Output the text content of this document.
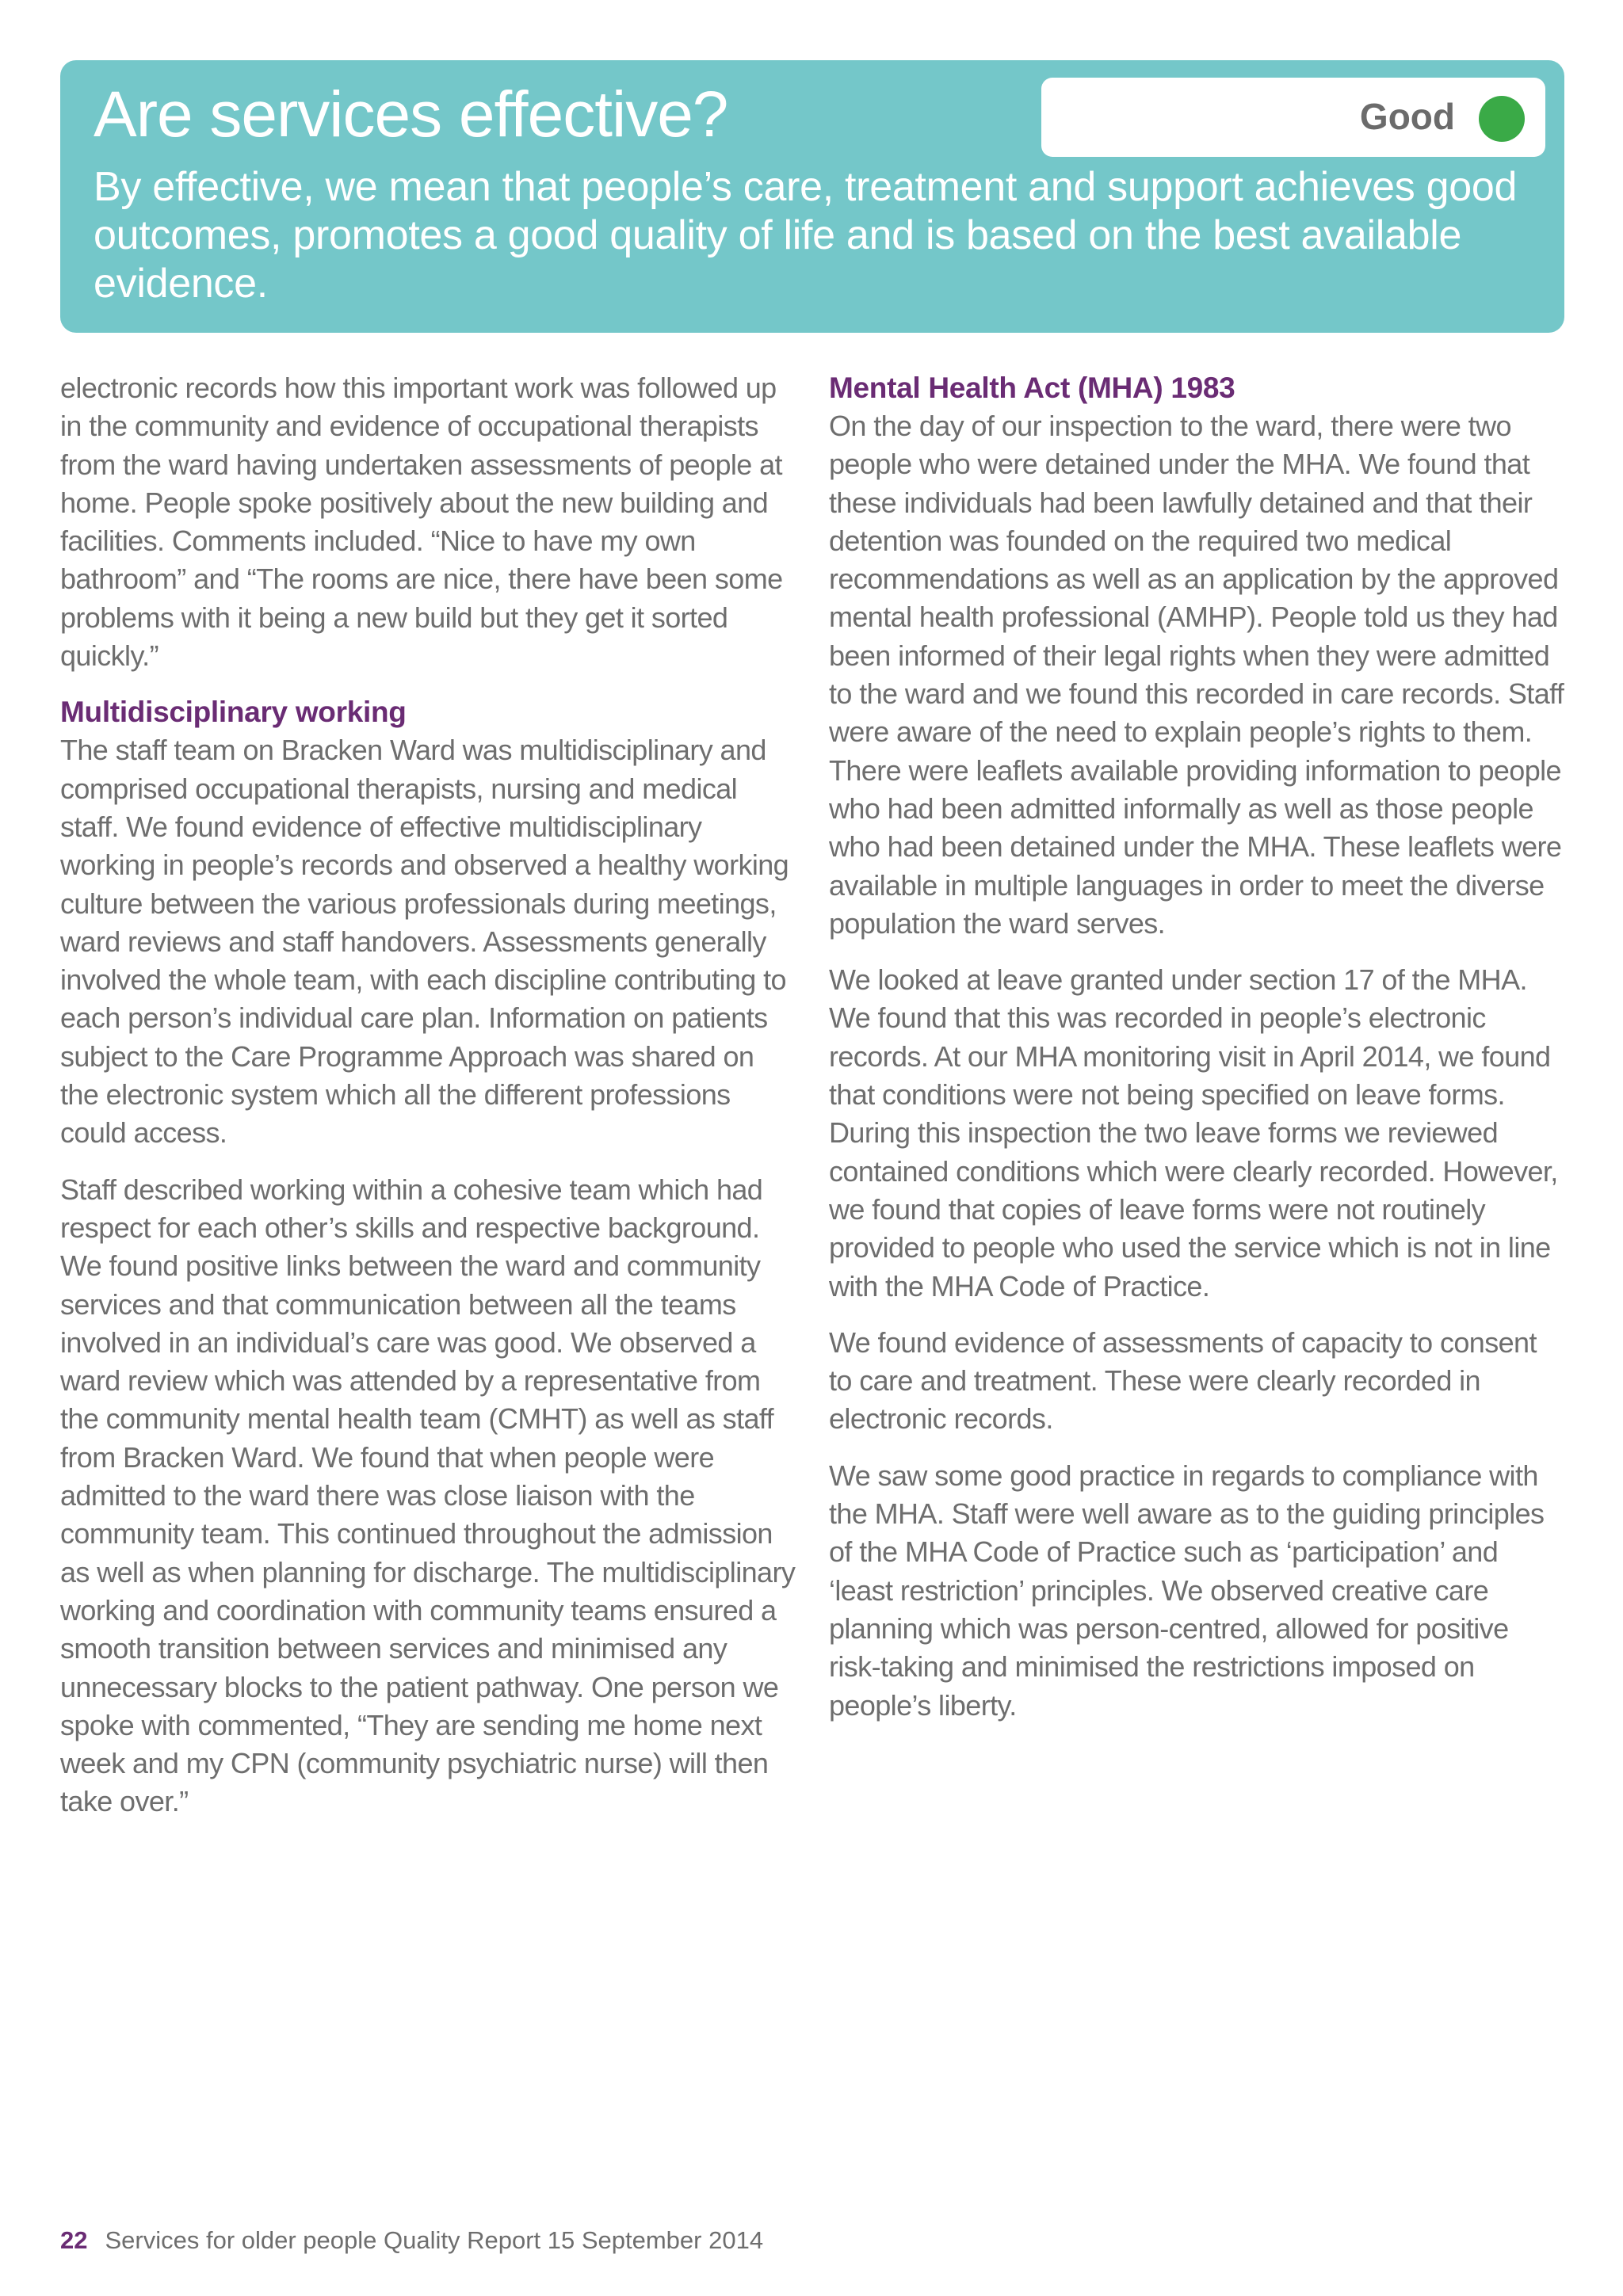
Are services effective?	Good

By effective, we mean that people’s care, treatment and support achieves good outcomes, promotes a good quality of life and is based on the best available evidence.

electronic records how this important work was followed up in the community and evidence of occupational therapists from the ward having undertaken assessments of people at home. People spoke positively about the new building and facilities. Comments included. “Nice to have my own bathroom” and “The rooms are nice, there have been some problems with it being a new build but they get it sorted quickly.”

Multidisciplinary working

The staff team on Bracken Ward was multidisciplinary and comprised occupational therapists, nursing and medical staff. We found evidence of effective multidisciplinary working in people’s records and observed a healthy working culture between the various professionals during meetings, ward reviews and staff handovers. Assessments generally involved the whole team, with each discipline contributing to each person’s individual care plan. Information on patients subject to the Care Programme Approach was shared on the electronic system which all the different professions could access.

Staff described working within a cohesive team which had respect for each other’s skills and respective background. We found positive links between the ward and community services and that communication between all the teams involved in an individual’s care was good. We observed a ward review which was attended by a representative from the community mental health team (CMHT) as well as staff from Bracken Ward. We found that when people were admitted to the ward there was close liaison with the community team. This continued throughout the admission as well as when planning for discharge. The multidisciplinary working and coordination with community teams ensured a smooth transition between services and minimised any unnecessary blocks to the patient pathway. One person we spoke with commented, “They are sending me home next week and my CPN (community psychiatric nurse) will then take over.”

Mental Health Act (MHA) 1983

On the day of our inspection to the ward, there were two people who were detained under the MHA. We found that these individuals had been lawfully detained and that their detention was founded on the required two medical recommendations as well as an application by the approved mental health professional (AMHP). People told us they had been informed of their legal rights when they were admitted to the ward and we found this recorded in care records. Staff were aware of the need to explain people’s rights to them. There were leaflets available providing information to people who had been admitted informally as well as those people who had been detained under the MHA. These leaflets were available in multiple languages in order to meet the diverse population the ward serves.

We looked at leave granted under section 17 of the MHA. We found that this was recorded in people’s electronic records. At our MHA monitoring visit in April 2014, we found that conditions were not being specified on leave forms. During this inspection the two leave forms we reviewed contained conditions which were clearly recorded. However, we found that copies of leave forms were not routinely provided to people who used the service which is not in line with the MHA Code of Practice.

We found evidence of assessments of capacity to consent to care and treatment. These were clearly recorded in electronic records.

We saw some good practice in regards to compliance with the MHA. Staff were well aware as to the guiding principles of the MHA Code of Practice such as ‘participation’ and ‘least restriction’ principles. We observed creative care planning which was person-centred, allowed for positive risk-taking and minimised the restrictions imposed on people’s liberty.

22 Services for older people Quality Report 15 September 2014
